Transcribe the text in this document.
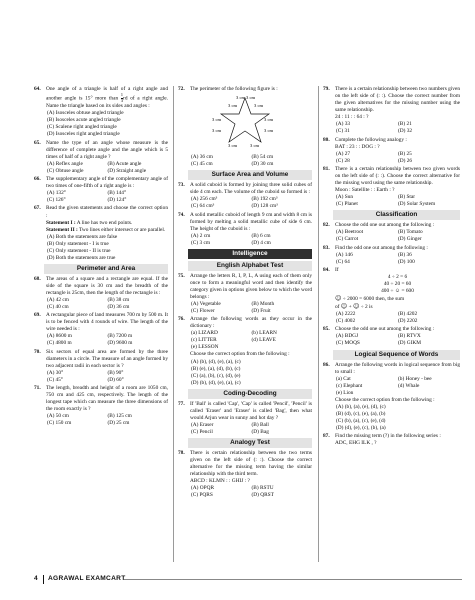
64. One angle of a triangle is half of a right angle and another angle is 15° more than $\frac{1}{3}$ rd of a right angle. Name the triangle based on its sides and angles :
(A) Isosceles obtuse angled triangle
(B) Isosceles acute angled triangle
(C) Scalene right angled triangle
(D) Isosceles right angled triangle
65. Name the type of an angle whose measure is the difference of complete angle and the angle which is 5 times of half of a right angle ?
(A) Reflex angle	(B) Acute angle
(C) Obtuse angle	(D) Straight angle
66. The supplementary angle of the complementary angle of two times of one-fifth of a right angle is :
(A) 132°	(B) 144°
(C) 126°	(D) 124°
67. Read the given statements and choose the correct option :
Statement I : A line has two end points.
Statement II : Two lines either intersect or are parallel.
(A) Both the statements are false
(B) Only statement - I is true
(C) Only statement - II is true
(D) Both the statements are true
Perimeter and Area
68. The areas of a square and a rectangle are equal. If the side of the square is 30 cm and the breadth of the rectangle is 25cm, then the length of the rectangle is :
(A) 42 cm	(B) 38 cm
(C) 40 cm	(D) 36 cm
69. A rectangular piece of land measures 700 m by 500 m. It is to be fenced with 4 rounds of wire. The length of the wire needed is :
(A) 8600 m	(B) 7200 m
(C) 4800 m	(D) 9600 m
70. Six sectors of equal area are formed by the three diameters in a circle. The measure of an angle formed by two adjacent radii in each sector is ?
(A) 30°	(B) 90°
(C) 45°	(D) 60°
71. The length, breadth and height of a room are 1050 cm, 750 cm and 425 cm, respectively. The length of the longest tape which can measure the three dimensions of the room exactly is ?
(A) 50 cm	(B) 125 cm
(C) 150 cm	(D) 25 cm
72. The perimeter of the following figure is :
3 cm 3 cm
3 cm	3 cm
3 cm	3 cm
3 cm	3 cm
3 cm	3 cm
(A) 36 cm	(B) 54 cm
(C) 45 cm	(D) 30 cm
Surface Area and Volume
73. A solid cuboid is formed by joining three solid cubes of side 4 cm each. The volume of the cuboid so formed is :
(A) 256 cm³	(B) 192 cm³
(C) 64 cm³	(D) 128 cm³
74. A solid metallic cuboid of length 9 cm and width 8 cm is formed by melting a solid metallic cube of side 6 cm. The height of the cuboid is :
(A) 2 cm	(B) 6 cm
(C) 3 cm	(D) 4 cm
Intelligence
English Alphabet Test
75. Arrange the letters R, I, P, L, A using each of them only once to form a meaningful word and then identify the category given in options given below to which the word belongs :
(A) Vegetable	(B) Month
(C) Flower	(D) Fruit
76. Arrange the following words as they occur in the dictionary :
(a) LIZARD	(b) LEARN
(c) LITTER	(d) LEAVE
(e) LESSON
Choose the correct option from the following :
(A) (b), (d), (e), (a), (c)
(B) (e), (a), (d), (b), (c)
(C) (a), (b), (c), (d), (e)
(D) (b), (d), (e), (a), (c)
Coding-Decoding
77. If 'Ball' is called 'Cap', 'Cap' is called 'Pencil', 'Pencil' is called 'Eraser' and 'Eraser' is called 'Bag', then what would Arjun wear in sunny and hot day ?
(A) Eraser	(B) Ball
(C) Pencil	(D) Bag
Analogy Test
78. There is certain relationship between the two terms given on the left side of (: :). Choose the correct alternative for the missing term having the similar relationship with the third term.
ABCD : KLMN : : GHIJ : ?
(A) OPQR	(B) RSTU
(C) PQRS	(D) QRST
79. There is a certain relationship between two numbers given on the left side of (: :). Choose the correct number from the given alternatives for the missing number using the same relationship.
24 : 11 : : 64 : ?
(A) 33	(B) 21
(C) 31	(D) 32
80. Complete the following analogy :
BAT : 23 : : DOG : ?
(A) 27	(B) 25
(C) 28	(D) 26
81. There is a certain relationship between two given words on the left side of (: :). Choose the correct alternative for the missing word using the same relationship.
Moon : Satellite : : Earth : ?
(A) Sun	(B) Star
(C) Planet	(D) Solar System
Classification
82. Choose the odd one out among the following :
(A) Beetroot	(B) Tomato
(C) Carrot	(D) Ginger
83. Find the odd one out among the following :
(A) 146	(B) 36
(C) 64	(D) 100
84. If
4 ÷ 2 = 6
40 ÷ 20 = 60
400 ÷ ☺ = 600
☺ ÷ 2000 = 6000 then, the sum
of ☺ + ☺ ÷ 2 is
(A) 2222	(B) 4202
(C) 4002	(D) 2202
85. Choose the odd one out among the following :
(A) BDGJ	(B) RTVX
(C) MOQS	(D) GIKM
Logical Sequence of Words
86. Arrange the following words in logical sequence from big to small :
(a) Cat	(b) Honey - bee
(c) Elephant	(d) Whale
(e) Lion
Choose the correct option from the following :
(A) (b), (a), (e), (d), (c)
(B) (d), (c), (e), (a), (b)
(C) (b), (a), (c), (e), (d)
(D) (d), (e), (c), (b), (a)
87. Find the missing term (?) in the following series :
ADC, EHG ILK , ?
4 AGRAWAL EXAMCART
